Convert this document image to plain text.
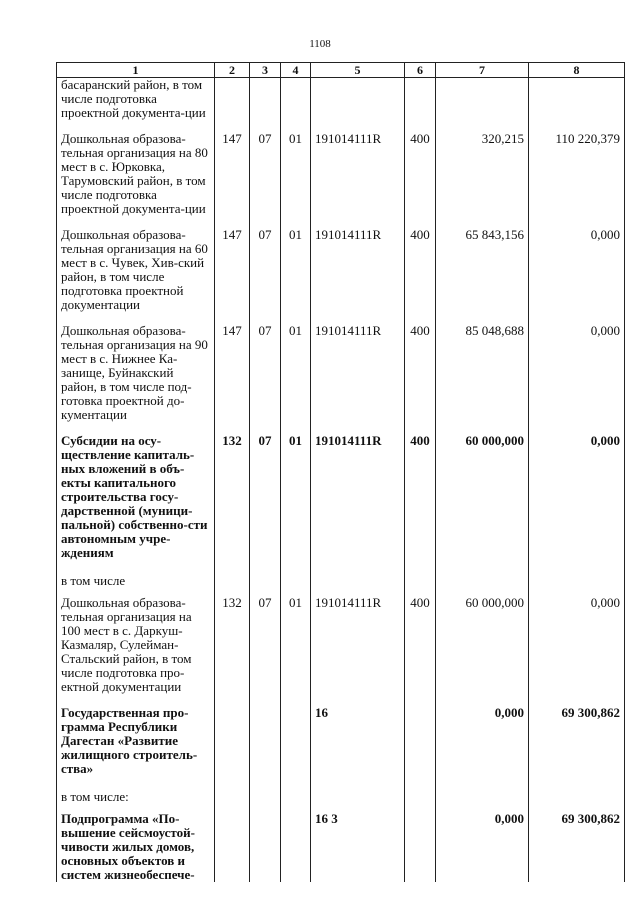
1108
1	2	3	4	5	6	7	8
басаранский район, в том числе подготовка проектной документа-ции							
Дошкольная образова-тельная организация на 80 мест в с. Юрковка, Тарумовский район, в том числе подготовка проектной документа-ции	147	07	01	191014111R	400	320,215	110 220,379
Дошкольная образова-тельная организация на 60 мест в с. Чувек, Хив-ский район, в том числе подготовка проектной документации	147	07	01	191014111R	400	65 843,156	0,000
Дошкольная образова-тельная организация на 90 мест в с. Нижнее Ка-занище, Буйнакский район, в том числе под-готовка проектной до-кументации	147	07	01	191014111R	400	85 048,688	0,000
Субсидии на осу-ществление капиталь-ных вложений в объ-екты капитального строительства госу-дарственной (муници-пальной) собственно-сти автономным учре-ждениям	132	07	01	191014111R	400	60 000,000	0,000
в том числе							
Дошкольная образова-тельная организация на 100 мест в с. Даркуш-Казмаляр, Сулейман-Стальский район, в том числе подготовка про-ектной документации	132	07	01	191014111R	400	60 000,000	0,000
Государственная про-грамма Республики Дагестан «Развитие жилищного строитель-ства»				16		0,000	69 300,862
в том числе:							
Подпрограмма «По-вышение сейсмоустой-чивости жилых домов, основных объектов и систем жизнеобеспече-				16 3		0,000	69 300,862
